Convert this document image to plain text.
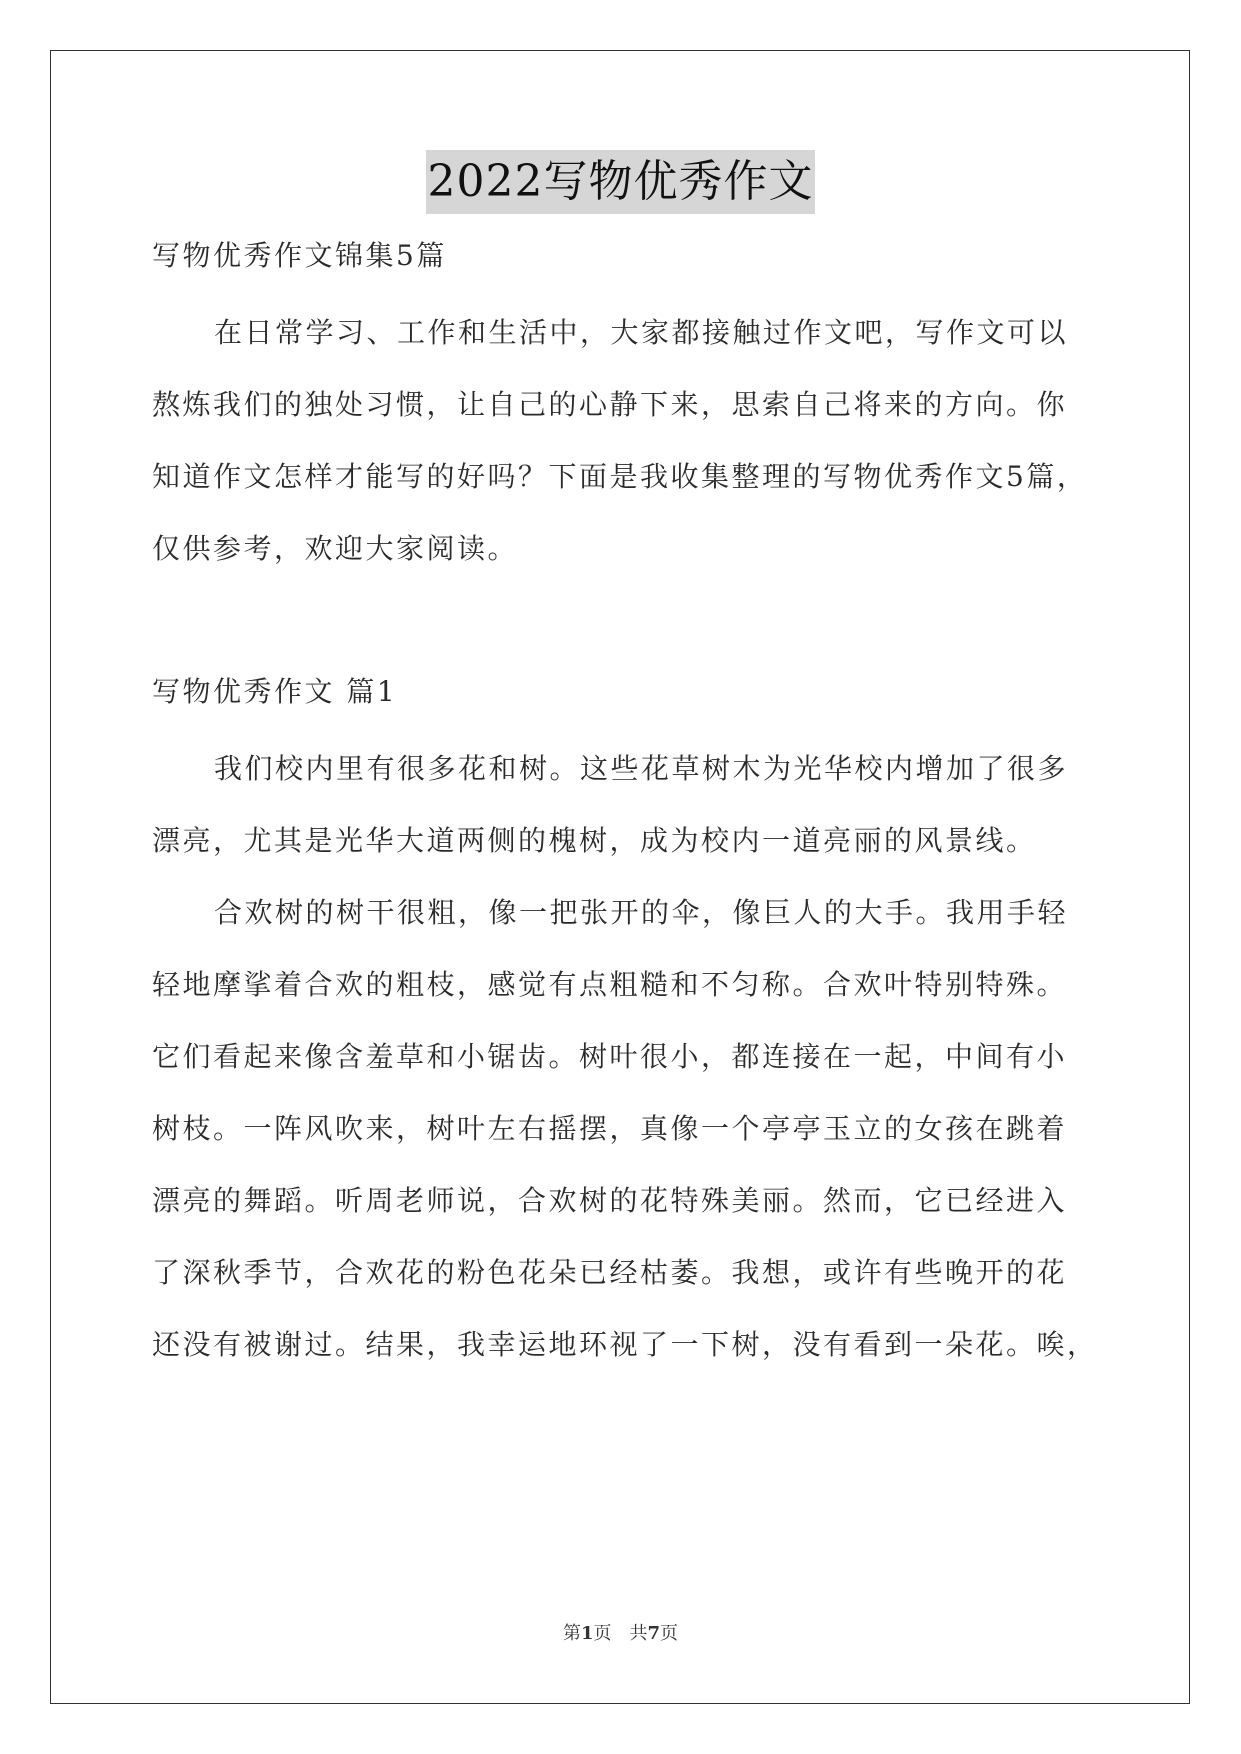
2022写物优秀作文
写物优秀作文锦集5篇
在日常学习、工作和生活中，大家都接触过作文吧，写作文可以
熬炼我们的独处习惯，让自己的心静下来，思索自己将来的方向。你
知道作文怎样才能写的好吗？下面是我收集整理的写物优秀作文5篇，
仅供参考，欢迎大家阅读。
写物优秀作文 篇1
我们校内里有很多花和树。这些花草树木为光华校内增加了很多
漂亮，尤其是光华大道两侧的槐树，成为校内一道亮丽的风景线。
合欢树的树干很粗，像一把张开的伞，像巨人的大手。我用手轻
轻地摩挲着合欢的粗枝，感觉有点粗糙和不匀称。合欢叶特别特殊。
它们看起来像含羞草和小锯齿。树叶很小，都连接在一起，中间有小
树枝。一阵风吹来，树叶左右摇摆，真像一个亭亭玉立的女孩在跳着
漂亮的舞蹈。听周老师说，合欢树的花特殊美丽。然而，它已经进入
了深秋季节，合欢花的粉色花朵已经枯萎。我想，或许有些晚开的花
还没有被谢过。结果，我幸运地环视了一下树，没有看到一朵花。唉，
第1页　共7页
